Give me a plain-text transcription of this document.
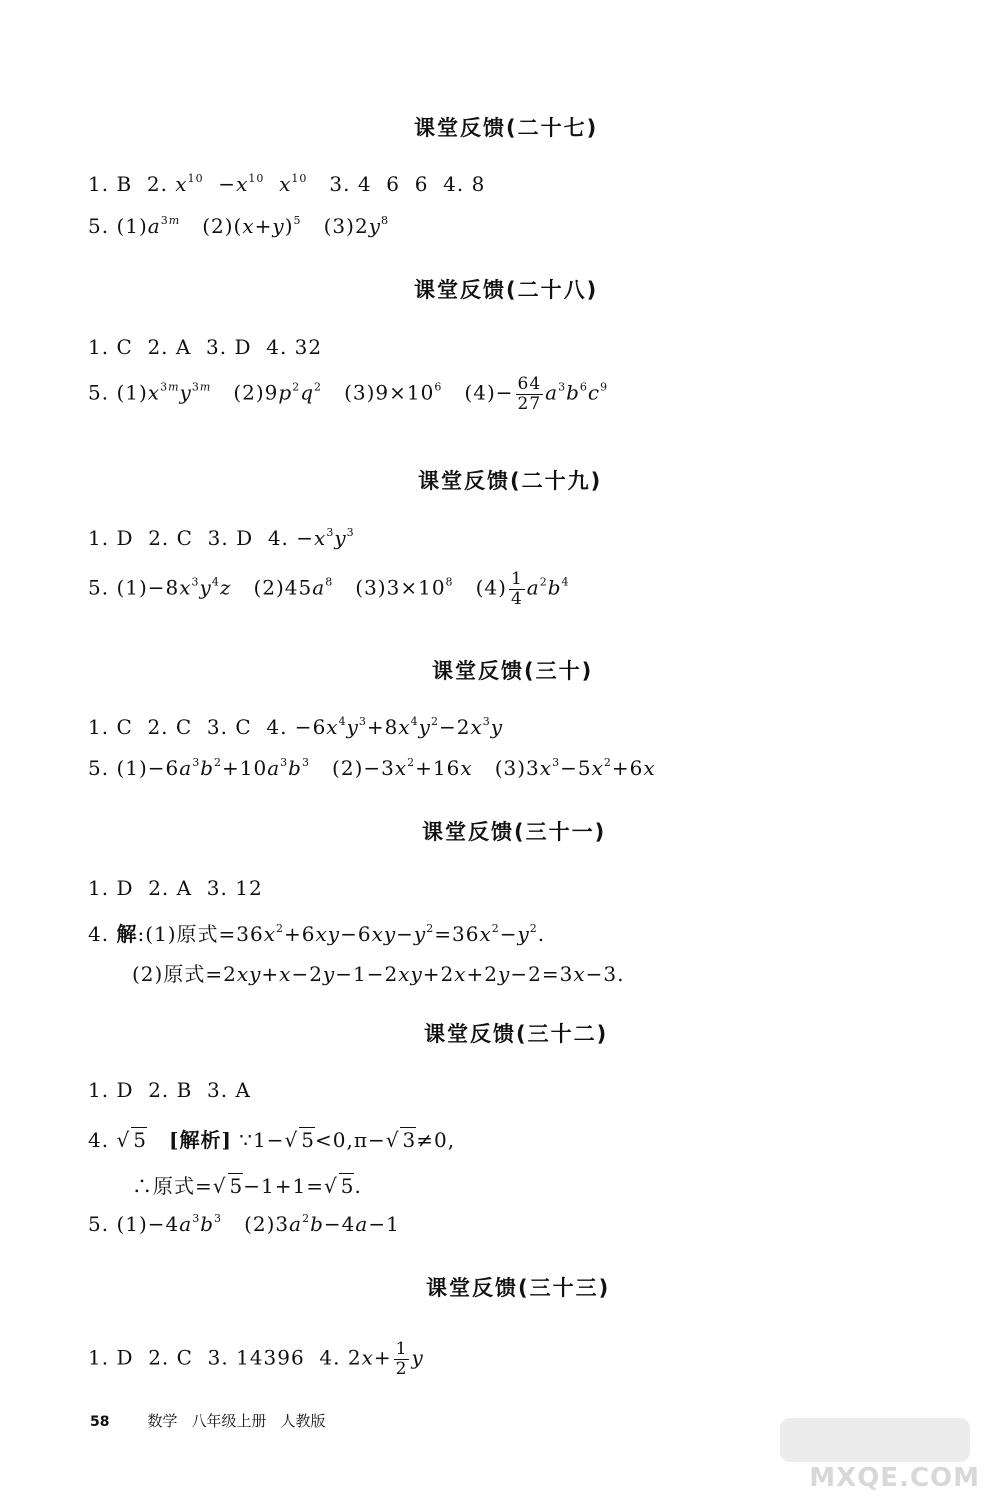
课堂反馈(二十七)
1. B  2. $x^{10} -x^{10}$ $x^{10}$   3. 4  6  6  4. 8
5. $(1)a^{3m}$   $(2)(x+y)^5$   $(3)2y^8$
课堂反馈(二十八)
1. C  2. A  3. D  4. 32
5. $(1)x^{3m}y^{3m}$   $(2)9p^2q^2$   $(3)9\times 10^6$   $(4)- \frac{64}{27} a^3b^6c^9$
课堂反馈(二十九)
1. D  2. C  3. D  4. $-x^3y^3$
5. $(1)-8x^3y^4z$   $(2)45a^8$   $(3)3\times 10^8$   $(4) \frac{1}{4} a^2b^4$
课堂反馈(三十)
1. C  2. C  3. C  4. $-6x^4y^3+8x^4y^2-2x^3y$
5. $(1)-6a^3b^2+10a^3b^3$   $(2)-3x^2+16x$   $(3)3x^3-5x^2+6x$
课堂反馈(三十一)
1. D  2. A  3. 12
4. 解:(1)原式$=36x^2+6xy-6xy-y^2=36x^2-y^2$.
(2)原式=2xy+x−2y−1−2xy+2x+2y−2=3x−3.
课堂反馈(三十二)
1. D  2. B  3. A
4. √ 5 [解析] ∵1−√ 5<0,π−√ 3≠0,
∴原式=√ 5−1+1=√ 5.
5. $(1)-4a^3b^3$   $(2)3a^2b-4a-1$
课堂反馈(三十三)
1. D  2. C  3. 14396  4. $2x+ \frac{1}{2}$ y
58	数学 八年级上册 人教版
MXQE.COM
